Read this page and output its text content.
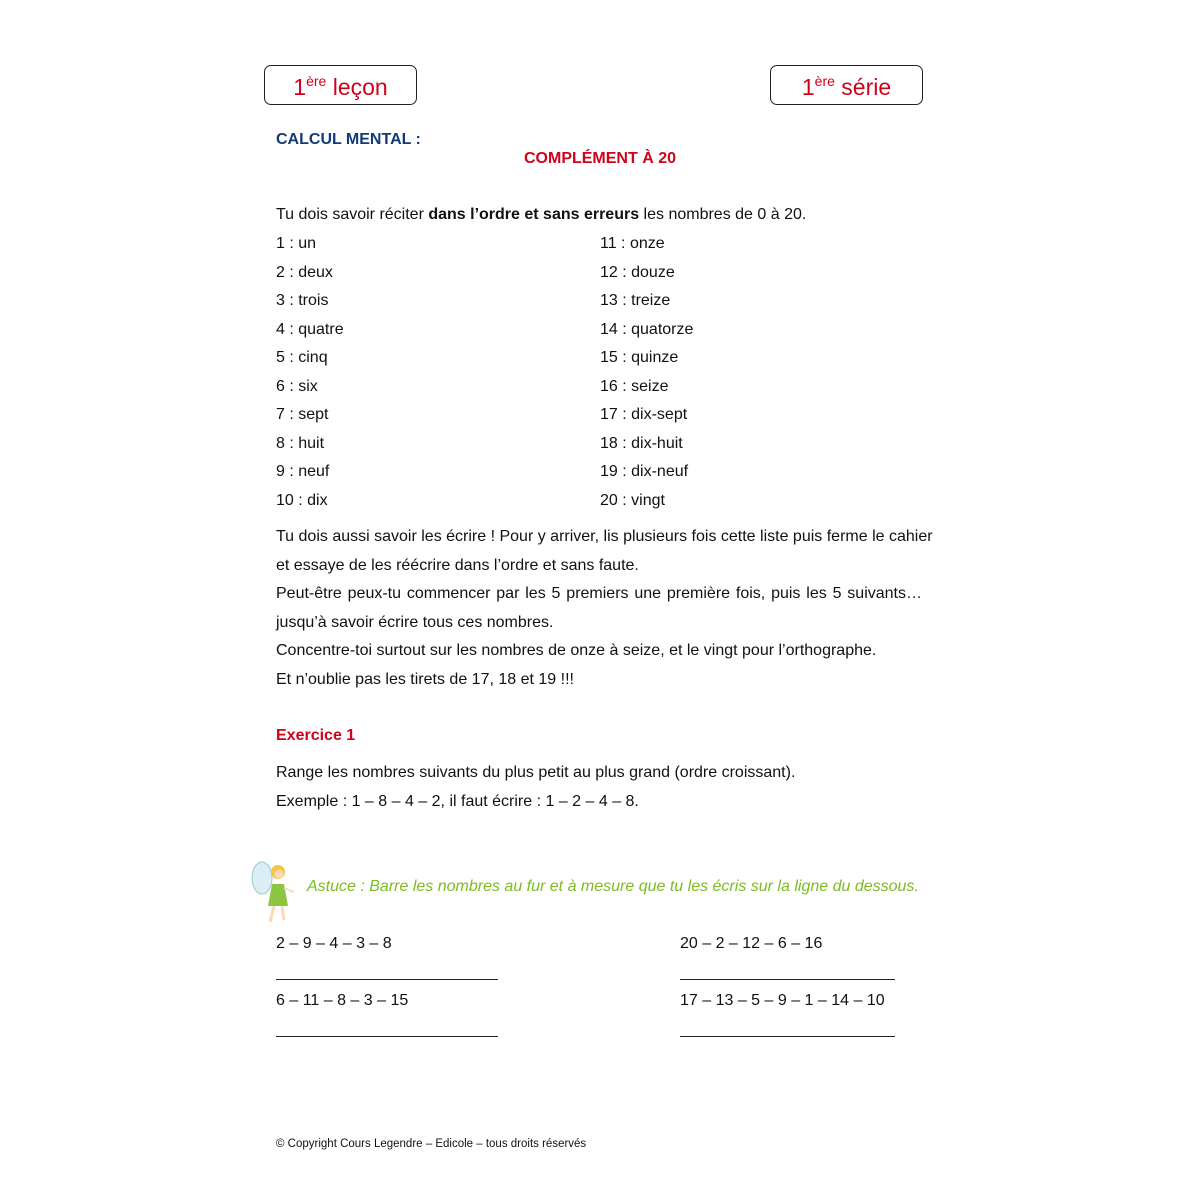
1ère leçon	1ère série
CALCUL MENTAL :
COMPLÉMENT À 20
Tu dois savoir réciter dans l’ordre et sans erreurs les nombres de 0 à 20.
1 : un	11 : onze
2 : deux	12 : douze
3 : trois	13 : treize
4 : quatre	14 : quatorze
5 : cinq	15 : quinze
6 : six	16 : seize
7 : sept	17 : dix-sept
8 : huit	18 : dix-huit
9 : neuf	19 : dix-neuf
10 : dix	20 : vingt
Tu dois aussi savoir les écrire ! Pour y arriver, lis plusieurs fois cette liste puis ferme le cahier
et essaye de les réécrire dans l’ordre et sans faute.
Peut-être peux-tu commencer par les 5 premiers une première fois, puis les 5 suivants…
jusqu’à savoir écrire tous ces nombres.
Concentre-toi surtout sur les nombres de onze à seize, et le vingt pour l’orthographe.
Et n’oublie pas les tirets de 17, 18 et 19 !!!
Exercice 1
Range les nombres suivants du plus petit au plus grand (ordre croissant).
Exemple : 1 – 8 – 4 – 2, il faut écrire : 1 – 2 – 4 – 8.
Astuce : Barre les nombres au fur et à mesure que tu les écris sur la ligne du dessous.
2 – 9 – 4 – 3 – 8	20 – 2 – 12 – 6 – 16
6 – 11 – 8 – 3 – 15	17 – 13 – 5 – 9 – 1 – 14 – 10
© Copyright Cours Legendre – Edicole – tous droits réservés
